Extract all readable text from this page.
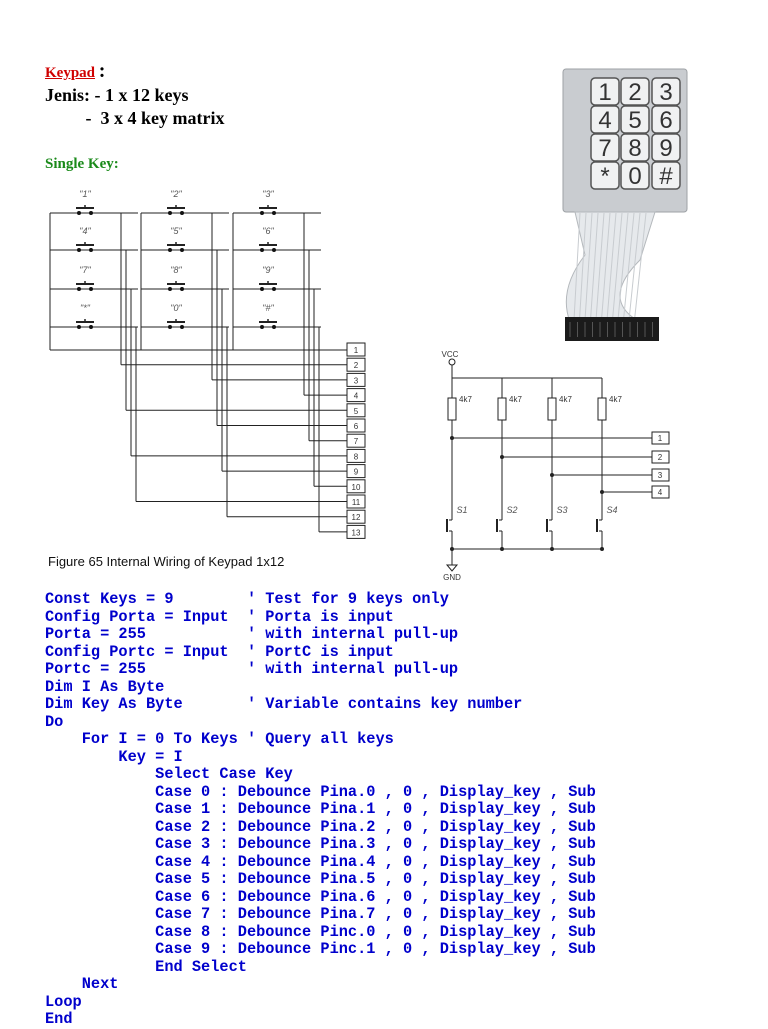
Keypad :
Jenis: - 1 x 12 keys
-  3 x 4 key matrix
Single Key:
1
2
3
4
5
6
7
8
9
10
11
12
13
"1"
"4"
"7"
"*"
"2"
"5"
"8"
"0"
"3"
"6"
"9"
"#"
1 2 3
4 5 6
7 8 9
* 0 #
VCC
4k7
1
S1
4k7
2
S2
4k7
3
S3
4k7
4
S4
GND
Figure 65 Internal Wiring of Keypad 1x12
Const Keys = 9        ' Test for 9 keys only
Config Porta = Input  ' Porta is input
Porta = 255           ' with internal pull-up
Config Portc = Input  ' PortC is input
Portc = 255           ' with internal pull-up
Dim I As Byte
Dim Key As Byte       ' Variable contains key number
Do
For I = 0 To Keys ' Query all keys
Key = I
Select Case Key
Case 0 : Debounce Pina.0 , 0 , Display_key , Sub
Case 1 : Debounce Pina.1 , 0 , Display_key , Sub
Case 2 : Debounce Pina.2 , 0 , Display_key , Sub
Case 3 : Debounce Pina.3 , 0 , Display_key , Sub
Case 4 : Debounce Pina.4 , 0 , Display_key , Sub
Case 5 : Debounce Pina.5 , 0 , Display_key , Sub
Case 6 : Debounce Pina.6 , 0 , Display_key , Sub
Case 7 : Debounce Pina.7 , 0 , Display_key , Sub
Case 8 : Debounce Pinc.0 , 0 , Display_key , Sub
Case 9 : Debounce Pinc.1 , 0 , Display_key , Sub
End Select
Next
Loop
End
